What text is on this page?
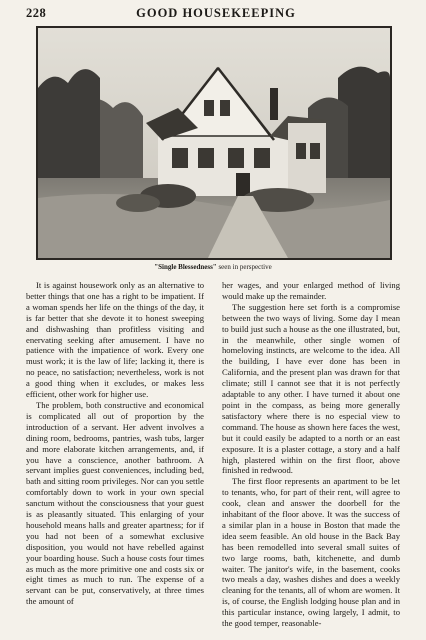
228	GOOD HOUSEKEEPING
"Single Blessedness" seen in perspective

It is against housework only as an alternative to better things that one has a right to be impatient. If a woman spends her life on the things of the day, it is far better that she devote it to honest sweeping and dishwashing than profitless visiting and enervating seeking after amusement. I have no patience with the impatience of work. Every one must work; it is the law of life; lacking it, there is no peace, no satisfaction; nevertheless, work is not a good thing when it excludes, or makes less efficient, other work for higher use.

The problem, both constructive and economical is complicated all out of proportion by the introduction of a servant. Her advent involves a dining room, bedrooms, pantries, wash tubs, larger and more elaborate kitchen arrangements, and, if you have a conscience, another bathroom. A servant implies guest conveniences, including bed, bath and sitting room privileges. Nor can you settle comfortably down to work in your own special sanctum without the consciousness that your guest is as pleasantly situated. This enlarging of your household means halls and greater apartness; for if you had not been of a somewhat exclusive disposition, you would not have rebelled against your boarding house. Such a house costs four times as much as the more primitive one and costs six or eight times as much to run. The expense of a servant can be put, conservatively, at three times the amount of

her wages, and your enlarged method of living would make up the remainder.

The suggestion here set forth is a compromise between the two ways of living. Some day I mean to build just such a house as the one illustrated, but, in the meanwhile, other single women of homeloving instincts, are welcome to the idea. All the building, I have ever done has been in California, and the present plan was drawn for that climate; still I cannot see that it is not perfectly adaptable to any other. I have turned it about one point in the compass, as being more generally satisfactory where there is no especial view to command. The house as shown here faces the west, but it could easily be adapted to a north or an east exposure. It is a plaster cottage, a story and a half high, plastered within on the first floor, above finished in redwood.

The first floor represents an apartment to be let to tenants, who, for part of their rent, will agree to cook, clean and answer the doorbell for the inhabitant of the floor above. It was the success of a similar plan in a house in Boston that made the idea seem feasible. An old house in the Back Bay has been remodelled into several small suites of two large rooms, bath, kitchenette, and dumb waiter. The janitor's wife, in the basement, cooks two meals a day, washes dishes and does a weekly cleaning for the tenants, all of whom are women. It is, of course, the English lodging house plan and in this particular instance, owing largely, I admit, to the good temper, reasonable-
